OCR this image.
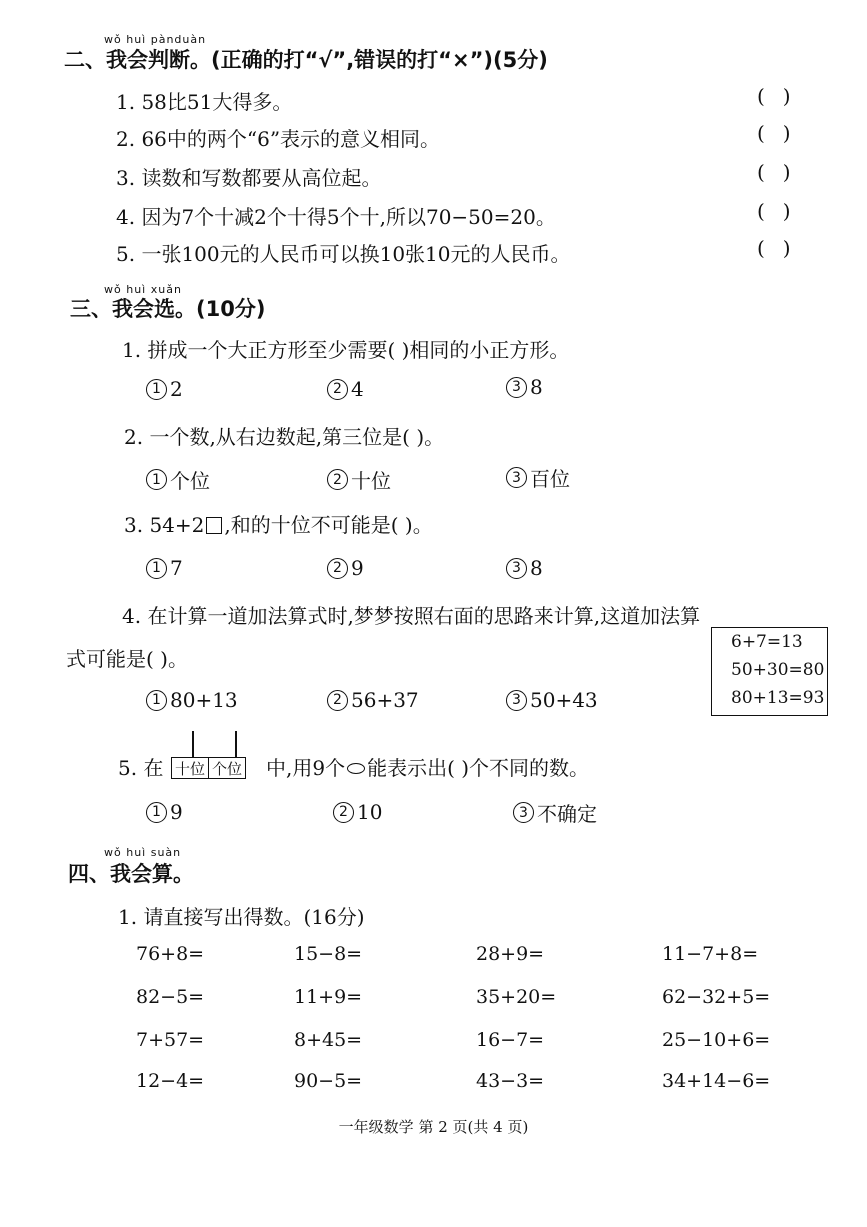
wǒ huì pànduàn
二、我会判断。(正确的打“√”,错误的打“×”)(5分)
1. 58比51大得多。	()
2. 66中的两个“6”表示的意义相同。	()
3. 读数和写数都要从高位起。	()
4. 因为7个十减2个十得5个十,所以70−50=20。	()
5. 一张100元的人民币可以换10张10元的人民币。	()
wǒ huì xuǎn
三、我会选。(10分)
1. 拼成一个大正方形至少需要( )相同的小正方形。
1 2	2 4	3 8
2. 一个数,从右边数起,第三位是( )。
1 个位	2 十位	3 百位
3. 54+2 ,和的十位不可能是( )。
1 7	2 9	3 8
4. 在计算一道加法算式时,梦梦按照右面的思路来计算,这道加法算
式可能是( )。
6+7=13
50+30=80
80+13=93
1 80+13	2 56+37	3 50+43
5. 在 十位 个位 中,用9个 能表示出( )个不同的数。
1 9	2 10	3 不确定
wǒ huì suàn
四、我会算。
1. 请直接写出得数。(16分)
76+8=	15−8=	28+9=	11−7+8=
82−5=	11+9=	35+20=	62−32+5=
7+57=	8+45=	16−7=	25−10+6=
12−4=	90−5=	43−3=	34+14−6=
一年级数学 第 2 页(共 4 页)
